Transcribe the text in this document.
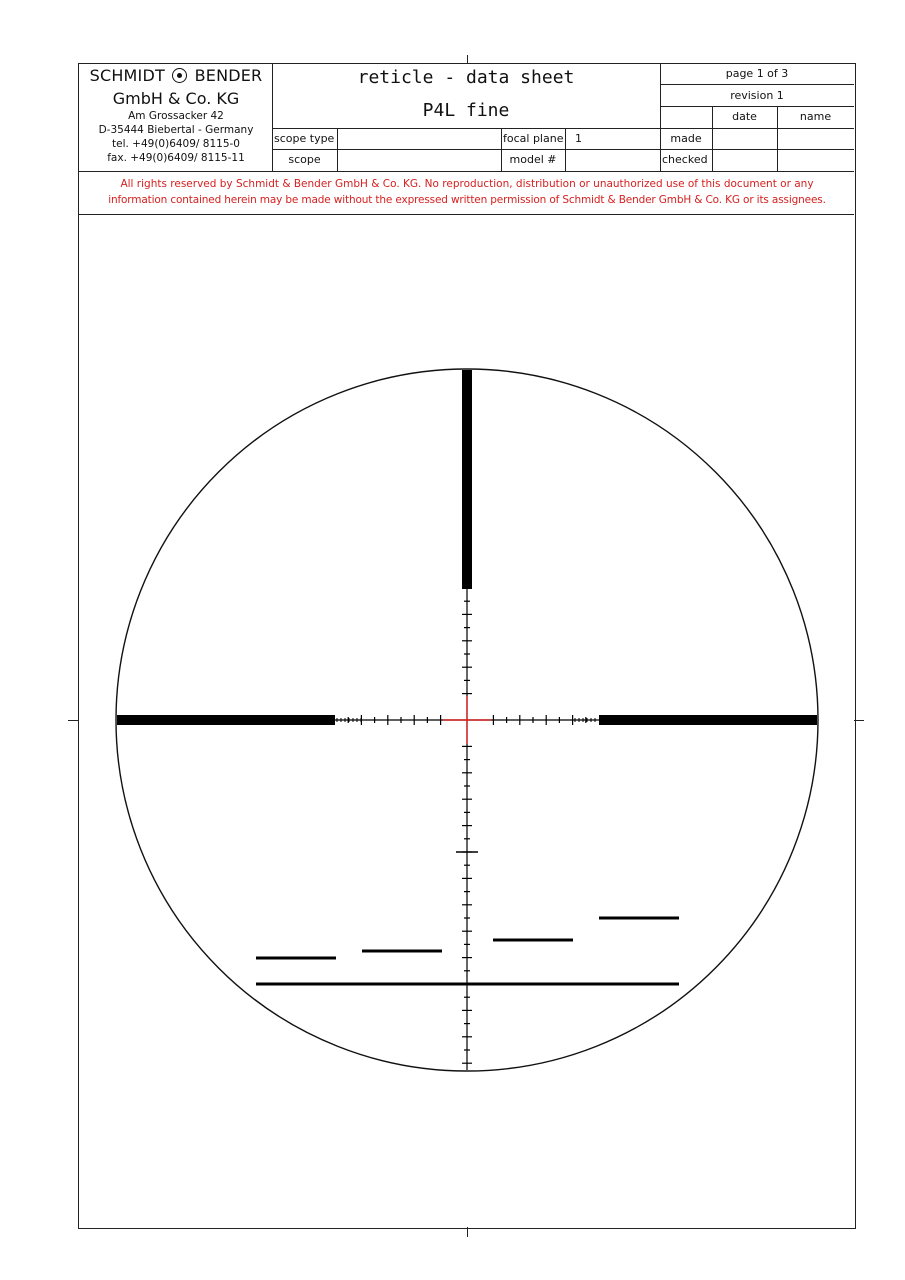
SCHMIDT BENDER
GmbH & Co. KG
Am Grossacker 42
D-35444 Biebertal - Germany
tel. +49(0)6409/ 8115-0
fax. +49(0)6409/ 8115-11
reticle - data sheet
P4L fine
scope type
scope
focal plane
model #
1	made
checked
page 1 of 3
revision 1
date	name
All rights reserved by Schmidt & Bender GmbH & Co. KG. No reproduction, distribution or unauthorized use of this document or any
information contained herein may be made without the expressed written permission of Schmidt & Bender GmbH & Co. KG or its assignees.
